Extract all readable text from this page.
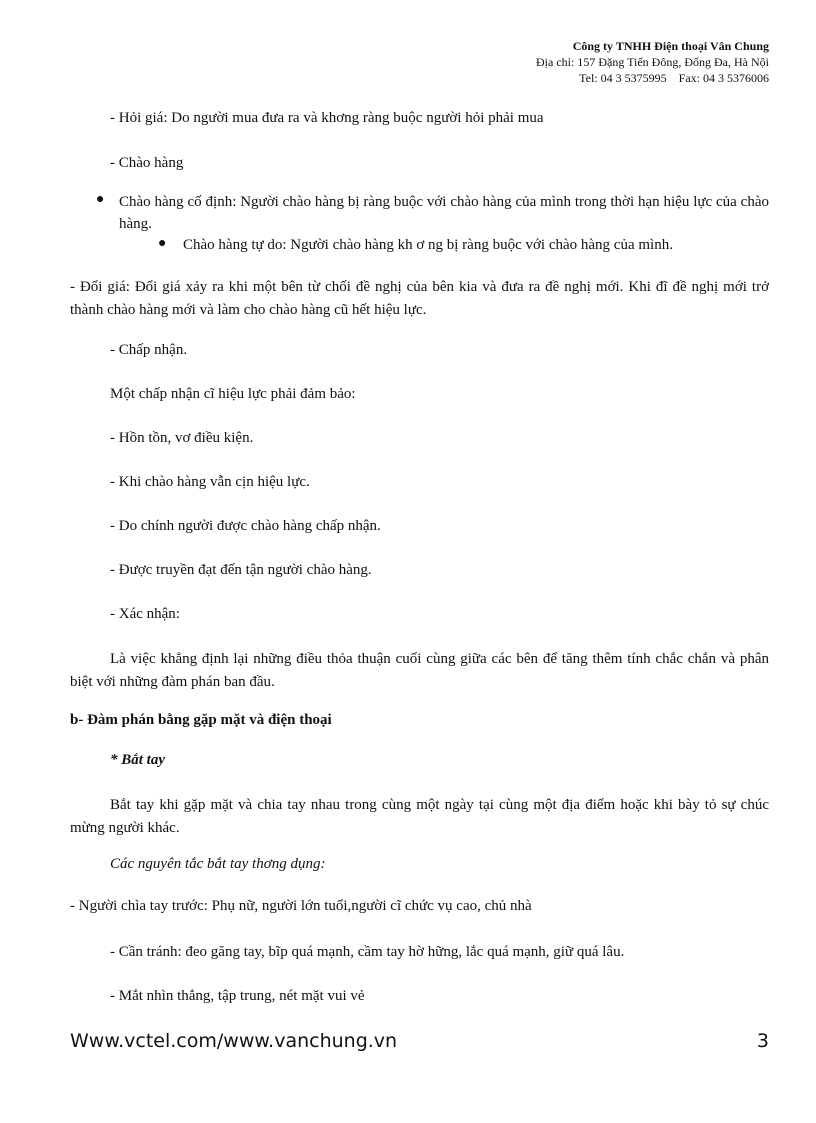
Công ty TNHH Điện thoại Vân Chung
Địa chỉ: 157 Đặng Tiến Đông, Đống Đa, Hà Nội
Tel: 04 3 5375995    Fax: 04 3 5376006
- Hỏi giá: Do người mua đưa ra và khơng ràng buộc người hỏi phải mua
- Chào hàng
● Chào hàng cố định: Người chào hàng bị ràng buộc với chào hàng của mình trong thời hạn hiệu lực của chào hàng.
● Chào hàng tự do: Người chào hàng kh ơ ng bị ràng buộc với chào hàng của mình.
- Đổi giá: Đổi giá xảy ra khi một bên từ chối đề nghị của bên kia và đưa ra đề nghị mới. Khi đĩ đề nghị mới trở thành chào hàng mới và làm cho chào hàng cũ hết hiệu lực.
- Chấp nhận.
Một chấp nhận cĩ hiệu lực phải đảm bảo:
- Hồn tồn, vơ điều kiện.
- Khi chào hàng vẫn cịn hiệu lực.
- Do chính người được chào hàng chấp nhận.
- Được truyền đạt đến tận người chào hàng.
- Xác nhận:
Là việc khẳng định lại những điều thỏa thuận cuối cùng giữa các bên để tăng thêm tính chắc chắn và phân biệt với những đàm phán ban đầu.
b- Đàm phán bằng gặp mặt và điện thoại
* Bắt tay
Bắt tay khi gặp mặt và chia tay nhau trong cùng một ngày tại cùng một địa điểm hoặc khi bày tỏ sự chúc mừng người khác.
Các nguyên tắc bắt tay thơng dụng:
- Người chìa tay trước: Phụ nữ, người lớn tuổi,người cĩ chức vụ cao, chủ nhà
- Cần tránh: đeo găng tay, bĩp quá mạnh, cầm tay hờ hững, lắc quá mạnh, giữ quá lâu.
- Mắt nhìn thẳng, tập trung, nét mặt vui vẻ
Www.vctel.com/www.vanchung.vn	3
